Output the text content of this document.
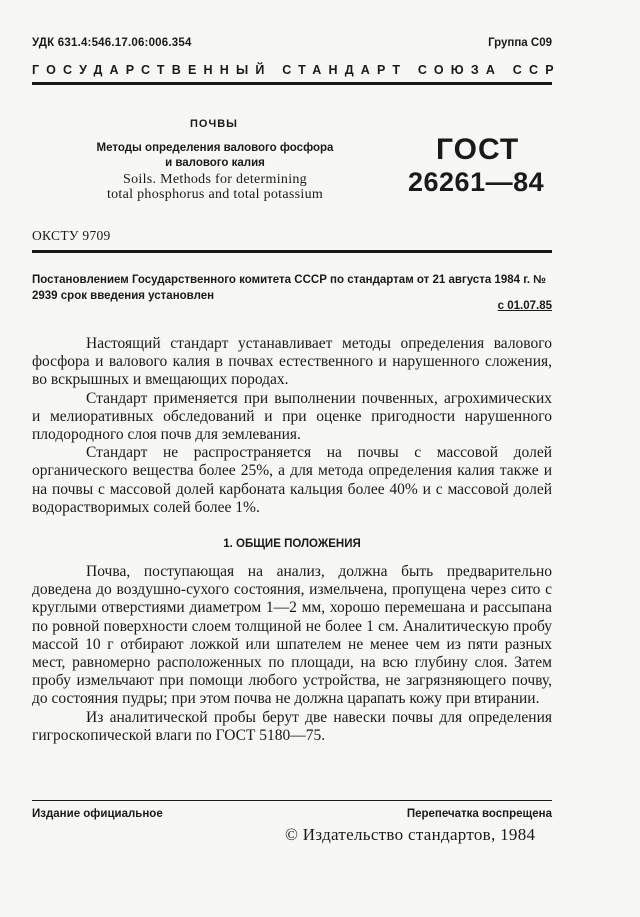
УДК 631.4:546.17.06:006.354	Группа С09
ГОСУДАРСТВЕННЫЙ СТАНДАРТ СОЮЗА ССР
ПОЧВЫ
Методы определения валового фосфора
и валового калия
Soils. Methods for determining
total phosphorus and total potassium
ГОСТ
26261—84
ОКСТУ 9709
Постановлением Государственного комитета СССР по стандартам от 21 августа 1984 г. № 2939 срок введения установлен
с 01.07.85

Настоящий стандарт устанавливает методы определения валового фосфора и валового калия в почвах естественного и нарушенного сложения, во вскрышных и вмещающих породах.

Стандарт применяется при выполнении почвенных, агрохимических и мелиоративных обследований и при оценке пригодности нарушенного плодородного слоя почв для землевания.

Стандарт не распространяется на почвы с массовой долей органического вещества более 25%, а для метода определения калия также и на почвы с массовой долей карбоната кальция более 40% и с массовой долей водорастворимых солей более 1%.

1. ОБЩИЕ ПОЛОЖЕНИЯ

Почва, поступающая на анализ, должна быть предварительно доведена до воздушно-сухого состояния, измельчена, пропущена через сито с круглыми отверстиями диаметром 1—2 мм, хорошо перемешана и рассыпана по ровной поверхности слоем толщиной не более 1 см. Аналитическую пробу массой 10 г отбирают ложкой или шпателем не менее чем из пяти разных мест, равномерно расположенных по площади, на всю глубину слоя. Затем пробу измельчают при помощи любого устройства, не загрязняющего почву, до состояния пудры; при этом почва не должна царапать кожу при втирании.

Из аналитической пробы берут две навески почвы для определения гигроскопической влаги по ГОСТ 5180—75.

Издание официальное	Перепечатка воспрещена
© Издательство стандартов, 1984
